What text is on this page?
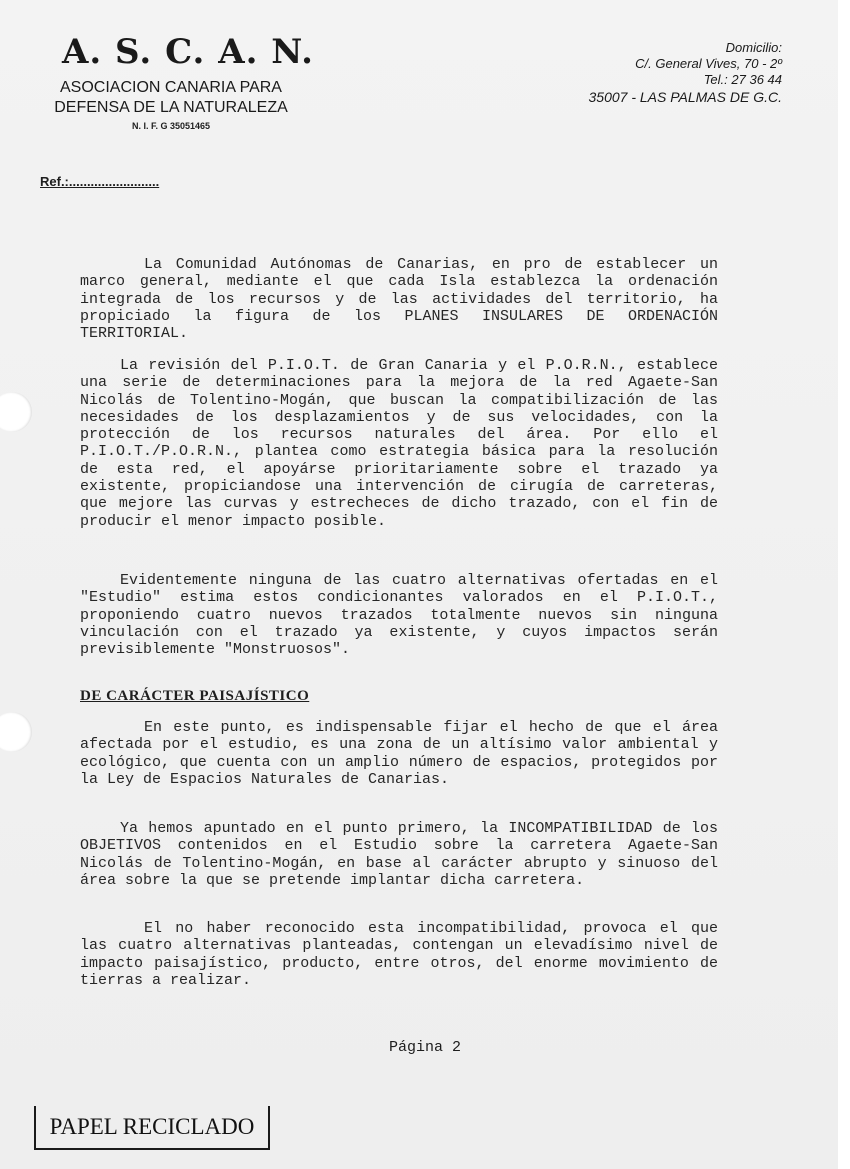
A. S. C. A. N.
ASOCIACION CANARIA PARA
DEFENSA DE LA NATURALEZA
N. I. F. G 35051465
Domicilio:
C/. General Vives, 70 - 2º
Tel.: 27 36 44
35007 - LAS PALMAS DE G.C.
Ref.:.........................
La Comunidad Autónomas de Canarias, en pro de establecer un marco general, mediante el que cada Isla establezca la ordenación integrada de los recursos y de las actividades del territorio, ha propiciado la figura de los PLANES INSULARES DE ORDENACIÓN TERRITORIAL.
La revisión del P.I.O.T. de Gran Canaria y el P.O.R.N., establece una serie de determinaciones para la mejora de la red Agaete-San Nicolás de Tolentino-Mogán, que buscan la compatibilización de las necesidades de los desplazamientos y de sus velocidades, con la protección de los recursos naturales del área. Por ello el P.I.O.T./P.O.R.N., plantea como estrategia básica para la resolución de esta red, el apoyárse prioritariamente sobre el trazado ya existente, propiciandose una intervención de cirugía de carreteras, que mejore las curvas y estrecheces de dicho trazado, con el fin de producir el menor impacto posible.
Evidentemente ninguna de las cuatro alternativas ofertadas en el "Estudio" estima estos condicionantes valorados en el P.I.O.T., proponiendo cuatro nuevos trazados totalmente nuevos sin ninguna vinculación con el trazado ya existente, y cuyos impactos serán previsiblemente "Monstruosos".
DE CARÁCTER PAISAJÍSTICO
En este punto, es indispensable fijar el hecho de que el área afectada por el estudio, es una zona de un altísimo valor ambiental y ecológico, que cuenta con un amplio número de espacios, protegidos por la Ley de Espacios Naturales de Canarias.
Ya hemos apuntado en el punto primero, la INCOMPATIBILIDAD de los OBJETIVOS contenidos en el Estudio sobre la carretera Agaete-San Nicolás de Tolentino-Mogán, en base al carácter abrupto y sinuoso del área sobre la que se pretende implantar dicha carretera.
El no haber reconocido esta incompatibilidad, provoca el que las cuatro alternativas planteadas, contengan un elevadísimo nivel de impacto paisajístico, producto, entre otros, del enorme movimiento de tierras a realizar.
Página 2
PAPEL RECICLADO
